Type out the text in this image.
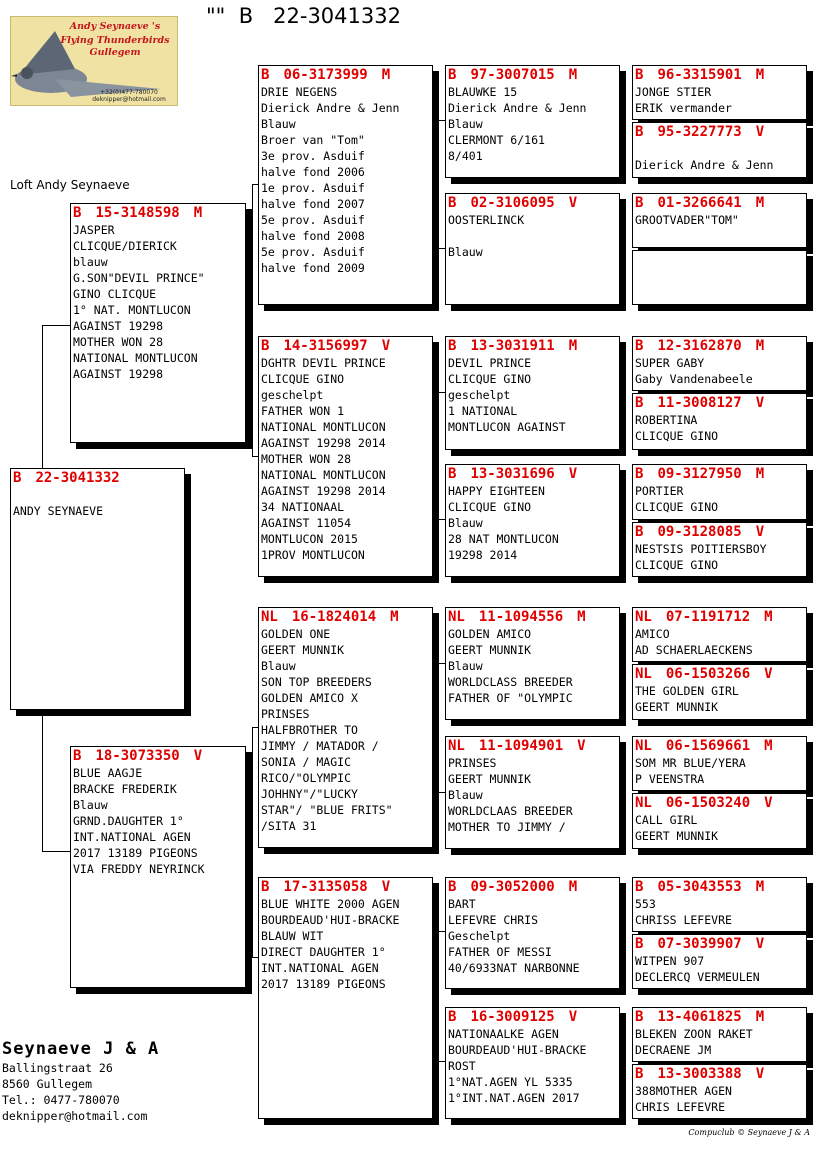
"" B 22-3041332
Andy Seynaeve 's
Flying Thunderbirds
Gullegem
+32(0)477-780070
deknipper@hotmail.com
Loft Andy Seynaeve
B 22-3041332

ANDY SEYNAEVE
B 15-3148598 M
JASPER
CLICQUE/DIERICK
blauw
G.SON"DEVIL PRINCE"
GINO CLICQUE
1° NAT. MONTLUCON
AGAINST 19298
MOTHER WON 28
NATIONAL MONTLUCON
AGAINST 19298
B 18-3073350 V
BLUE AAGJE
BRACKE FREDERIK
Blauw
GRND.DAUGHTER 1°
INT.NATIONAL AGEN
2017 13189 PIGEONS
VIA FREDDY NEYRINCK
B 06-3173999 M
DRIE NEGENS
Dierick Andre & Jenn
Blauw
Broer van "Tom"
3e prov. Asduif
halve fond 2006
1e prov. Asduif
halve fond 2007
5e prov. Asduif
halve fond 2008
5e prov. Asduif
halve fond 2009
B 14-3156997 V
DGHTR DEVIL PRINCE
CLICQUE GINO
geschelpt
FATHER WON 1
NATIONAL MONTLUCON
AGAINST 19298 2014
MOTHER WON 28
NATIONAL MONTLUCON
AGAINST 19298 2014
34 NATIONAAL
AGAINST 11054
MONTLUCON 2015
1PROV MONTLUCON
NL 16-1824014 M
GOLDEN ONE
GEERT MUNNIK
Blauw
SON TOP BREEDERS
GOLDEN AMICO X
PRINSES
HALFBROTHER TO
JIMMY / MATADOR /
SONIA / MAGIC
RICO/"OLYMPIC
JOHHNY"/"LUCKY
STAR"/ "BLUE FRITS"
/SITA 31
B 17-3135058 V
BLUE WHITE 2000 AGEN
BOURDEAUD'HUI-BRACKE
BLAUW WIT
DIRECT DAUGHTER 1°
INT.NATIONAL AGEN
2017 13189 PIGEONS
B 97-3007015 M
BLAUWKE 15
Dierick Andre & Jenn
Blauw
CLERMONT 6/161
8/401
B 02-3106095 V
OOSTERLINCK

Blauw
B 13-3031911 M
DEVIL PRINCE
CLICQUE GINO
geschelpt
1 NATIONAL
MONTLUCON AGAINST
B 13-3031696 V
HAPPY EIGHTEEN
CLICQUE GINO
Blauw
28 NAT MONTLUCON
19298 2014
NL 11-1094556 M
GOLDEN AMICO
GEERT MUNNIK
Blauw
WORLDCLASS BREEDER
FATHER OF "OLYMPIC
NL 11-1094901 V
PRINSES
GEERT MUNNIK
Blauw
WORLDCLAAS BREEDER
MOTHER TO JIMMY /
B 09-3052000 M
BART
LEFEVRE CHRIS
Geschelpt
FATHER OF MESSI
40/6933NAT NARBONNE
B 16-3009125 V
NATIONAALKE AGEN
BOURDEAUD'HUI-BRACKE
ROST
1°NAT.AGEN YL 5335
1°INT.NAT.AGEN 2017
B 96-3315901 M
JONGE STIER
ERIK vermander
B 95-3227773 V

Dierick Andre & Jenn
B 01-3266641 M
GROOTVADER"TOM"
B 12-3162870 M
SUPER GABY
Gaby Vandenabeele
B 11-3008127 V
ROBERTINA
CLICQUE GINO
B 09-3127950 M
PORTIER
CLICQUE GINO
B 09-3128085 V
NESTSIS POITIERSBOY
CLICQUE GINO
NL 07-1191712 M
AMICO
AD SCHAERLAECKENS
NL 06-1503266 V
THE GOLDEN GIRL
GEERT MUNNIK
NL 06-1569661 M
SOM MR BLUE/YERA
P VEENSTRA
NL 06-1503240 V
CALL GIRL
GEERT MUNNIK
B 05-3043553 M
553
CHRISS LEFEVRE
B 07-3039907 V
WITPEN 907
DECLERCQ VERMEULEN
B 13-4061825 M
BLEKEN ZOON RAKET
DECRAENE JM
B 13-3003388 V
388MOTHER AGEN
CHRIS LEFEVRE
Seynaeve J & A
Ballingstraat 26
8560 Gullegem
Tel.: 0477-780070
deknipper@hotmail.com
Compuclub © Seynaeve J & A
